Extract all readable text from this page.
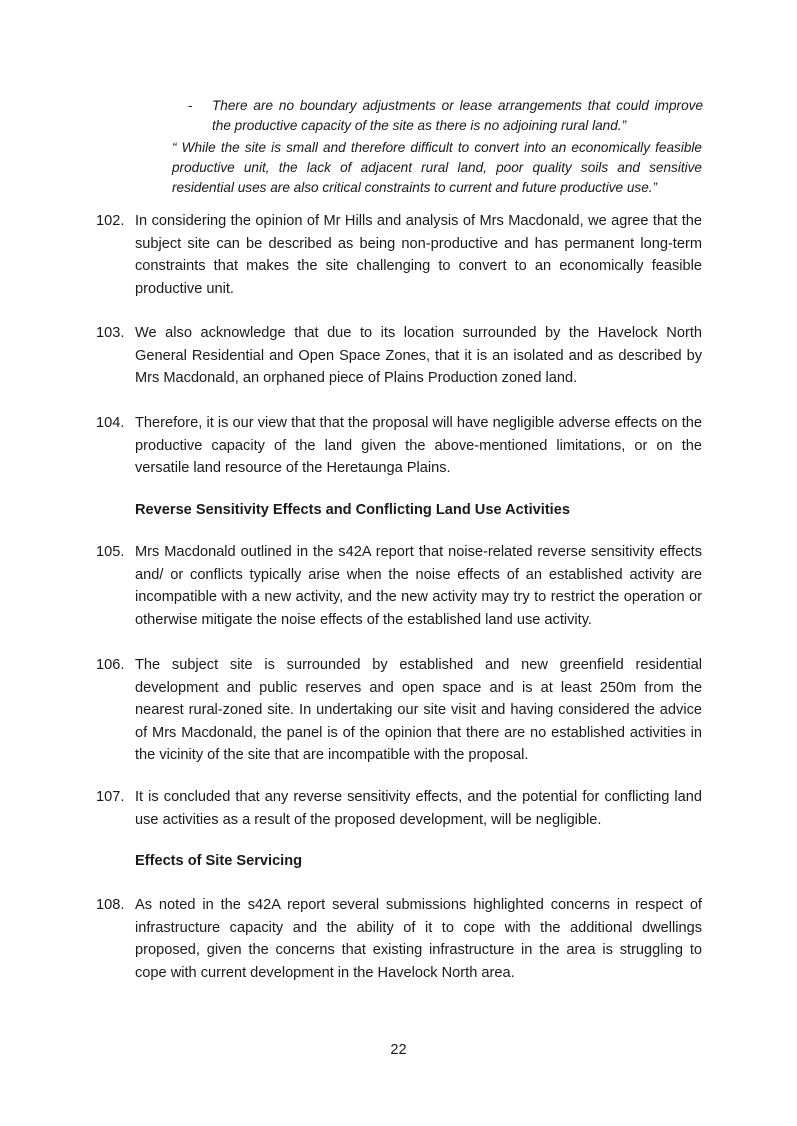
- There are no boundary adjustments or lease arrangements that could improve the productive capacity of the site as there is no adjoining rural land.”
“ While the site is small and therefore difficult to convert into an economically feasible productive unit, the lack of adjacent rural land, poor quality soils and sensitive residential uses are also critical constraints to current and future productive use.”
102. In considering the opinion of Mr Hills and analysis of Mrs Macdonald, we agree that the subject site can be described as being non-productive and has permanent long-term constraints that makes the site challenging to convert to an economically feasible productive unit.
103. We also acknowledge that due to its location surrounded by the Havelock North General Residential and Open Space Zones, that it is an isolated and as described by Mrs Macdonald, an orphaned piece of Plains Production zoned land.
104. Therefore, it is our view that that the proposal will have negligible adverse effects on the productive capacity of the land given the above-mentioned limitations, or on the versatile land resource of the Heretaunga Plains.
Reverse Sensitivity Effects and Conflicting Land Use Activities
105. Mrs Macdonald outlined in the s42A report that noise-related reverse sensitivity effects and/ or conflicts typically arise when the noise effects of an established activity are incompatible with a new activity, and the new activity may try to restrict the operation or otherwise mitigate the noise effects of the established land use activity.
106. The subject site is surrounded by established and new greenfield residential development and public reserves and open space and is at least 250m from the nearest rural-zoned site. In undertaking our site visit and having considered the advice of Mrs Macdonald, the panel is of the opinion that there are no established activities in the vicinity of the site that are incompatible with the proposal.
107. It is concluded that any reverse sensitivity effects, and the potential for conflicting land use activities as a result of the proposed development, will be negligible.
Effects of Site Servicing
108. As noted in the s42A report several submissions highlighted concerns in respect of infrastructure capacity and the ability of it to cope with the additional dwellings proposed, given the concerns that existing infrastructure in the area is struggling to cope with current development in the Havelock North area.
22
